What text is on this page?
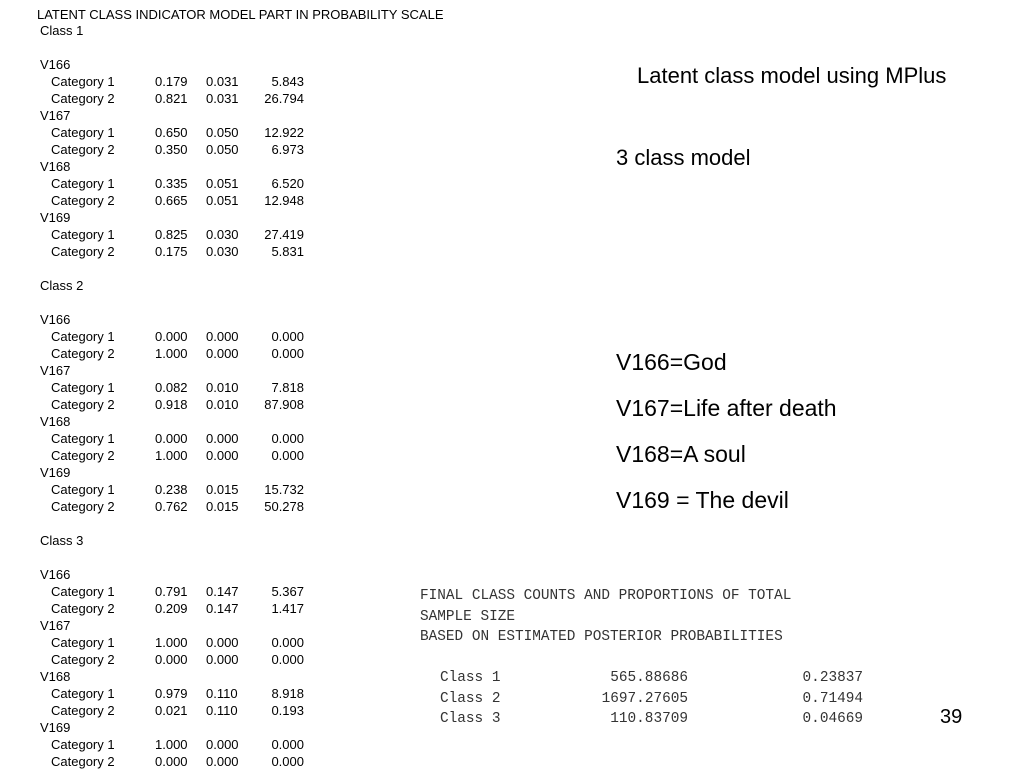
LATENT CLASS INDICATOR MODEL PART IN PROBABILITY SCALE
Class 1
V166
Category 1	0.179 0.031	5.843
Category 2	0.821 0.031	26.794
V167
Category 1	0.650 0.050	12.922
Category 2	0.350 0.050	6.973
V168
Category 1	0.335 0.051	6.520
Category 2	0.665 0.051	12.948
V169
Category 1	0.825 0.030	27.419
Category 2	0.175 0.030	5.831
Class 2
V166
Category 1	0.000 0.000	0.000
Category 2	1.000 0.000	0.000
V167
Category 1	0.082 0.010	7.818
Category 2	0.918 0.010	87.908
V168
Category 1	0.000 0.000	0.000
Category 2	1.000 0.000	0.000
V169
Category 1	0.238 0.015	15.732
Category 2	0.762 0.015	50.278
Class 3
V166
Category 1	0.791 0.147	5.367
Category 2	0.209 0.147	1.417
V167
Category 1	1.000 0.000	0.000
Category 2	0.000 0.000	0.000
V168
Category 1	0.979 0.110	8.918
Category 2	0.021 0.110	0.193
V169
Category 1	1.000 0.000	0.000
Category 2	0.000 0.000	0.000
Latent class model using MPlus
3 class model
V166=God
V167=Life after death
V168=A soul
V169 = The devil
FINAL CLASS COUNTS AND PROPORTIONS OF TOTAL
SAMPLE SIZE
BASED ON ESTIMATED POSTERIOR PROBABILITIES
Class 1	565.88686	0.23837
Class 2	1697.27605	0.71494
Class 3	110.83709	0.04669	39
